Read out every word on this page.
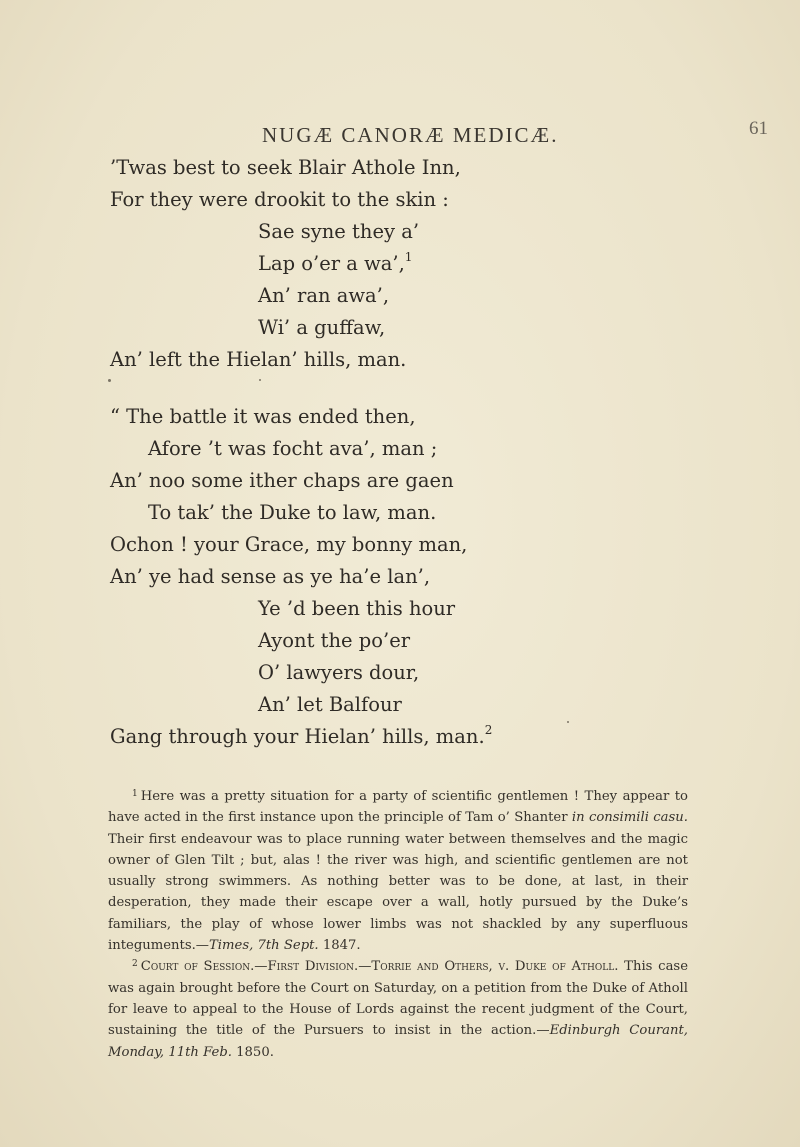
NUGÆ CANORÆ MEDICÆ.	61
’Twas best to seek Blair Athole Inn,
For they were drookit to the skin :
Sae syne they a’
Lap o’er a wa’,$^1$
An’ ran awa’,
Wi’ a guffaw,
An’ left the Hielan’ hills, man.
“ The battle it was ended then,
Afore ’t was focht ava’, man ;
An’ noo some ither chaps are gaen
To tak’ the Duke to law, man.
Ochon ! your Grace, my bonny man,
An’ ye had sense as ye ha’e lan’,
Ye ’d been this hour
Ayont the po’er
O’ lawyers dour,
An’ let Balfour
Gang through your Hielan’ hills, man.$^2$

$^1$ Here was a pretty situation for a party of scientific gentlemen ! They appear to have acted in the first instance upon the principle of Tam o’ Shanter in consimili casu. Their first endeavour was to place running water between themselves and the magic owner of Glen Tilt ; but, alas ! the river was high, and scientific gentlemen are not usually strong swimmers. As nothing better was to be done, at last, in their desperation, they made their escape over a wall, hotly pursued by the Duke’s familiars, the play of whose lower limbs was not shackled by any superfluous integuments.—Times, 7th Sept. 1847.

$^2$ Court of Session.—First Division.—Torrie and Others, v. Duke of Atholl. This case was again brought before the Court on Saturday, on a petition from the Duke of Atholl for leave to appeal to the House of Lords against the recent judgment of the Court, sustaining the title of the Pursuers to insist in the action.—Edinburgh Courant, Monday, 11th Feb. 1850.
